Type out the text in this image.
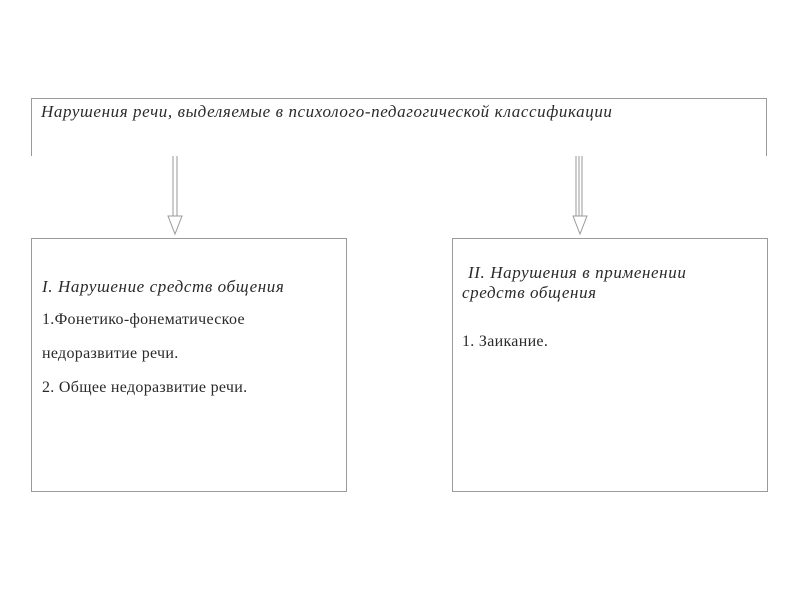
Нарушения речи, выделяемые в психолого-педагогической классификации
I. Нарушение средств общения
1.Фонетико-фонематическое
недоразвитие речи.
2. Общее недоразвитие речи.
II. Нарушения в применении
средств общения
1. Заикание.
